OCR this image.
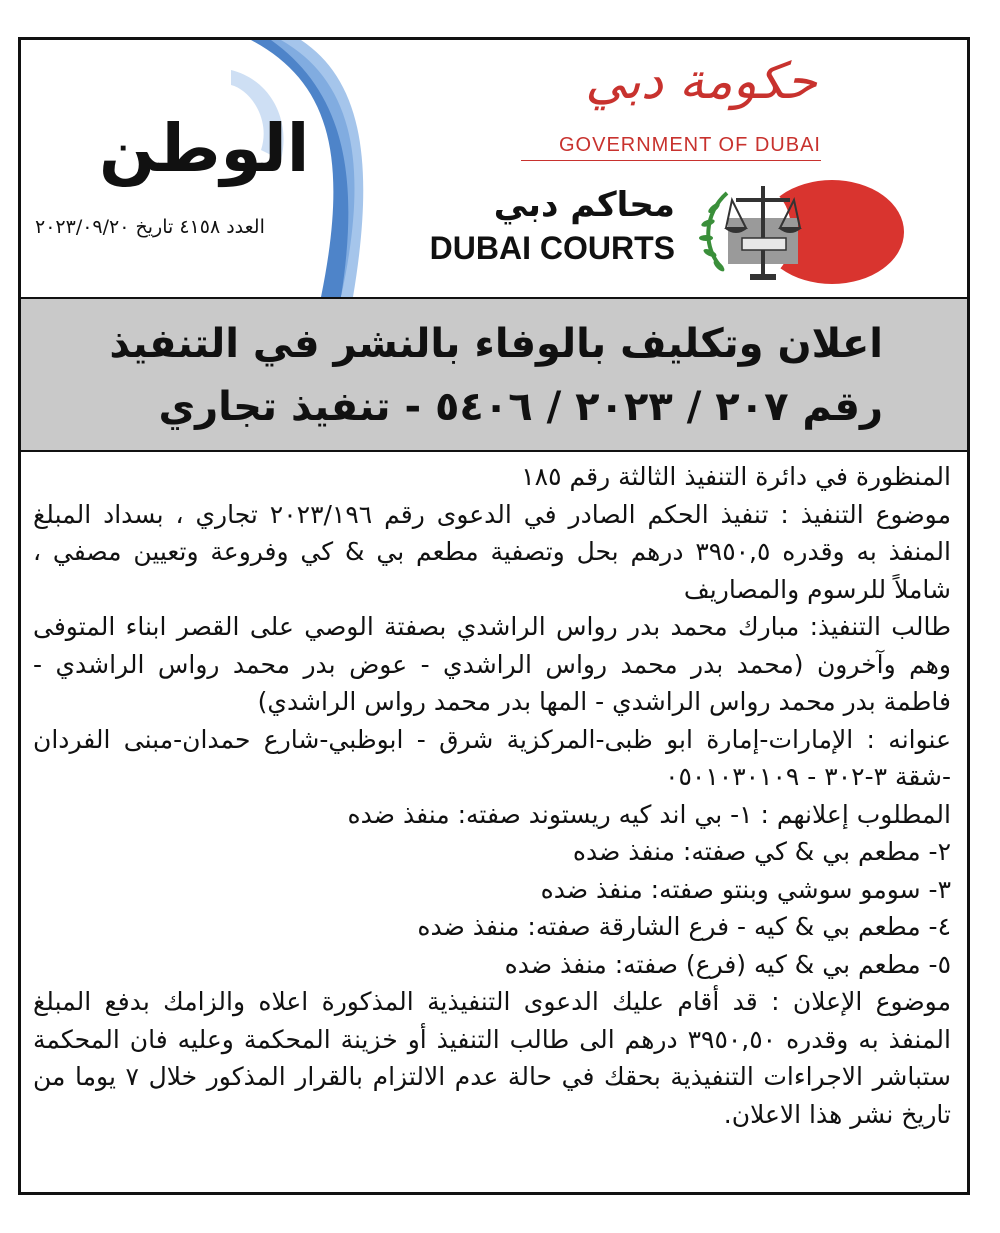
الوطن
العدد ٤١٥٨ تاريخ ٢٠٢٣/٠٩/٢٠
حكومة دبي
GOVERNMENT OF DUBAI
محاكم دبي
DUBAI COURTS
اعلان وتكليف بالوفاء بالنشر في التنفيذ
رقم ٢٠٧ / ٢٠٢٣ / ٥٤٠٦ - تنفيذ تجاري
المنظورة في دائرة التنفيذ الثالثة رقم ١٨٥
موضوع التنفيذ : تنفيذ الحكم الصادر في الدعوى رقم ٢٠٢٣/١٩٦ تجاري ، بسداد المبلغ المنفذ به وقدره ٣٩٥٠,٥ درهم بحل وتصفية مطعم بي & كي وفروعة وتعيين مصفي ، شاملاً للرسوم والمصاريف
طالب التنفيذ: مبارك محمد بدر رواس الراشدي بصفتة الوصي على القصر ابناء المتوفى وهم وآخرون (محمد بدر محمد رواس الراشدي - عوض بدر محمد رواس الراشدي - فاطمة بدر محمد رواس الراشدي - المها بدر محمد رواس الراشدي)
عنوانه : الإمارات-إمارة ابو ظبى-المركزية شرق - ابوظبي-شارع حمدان-مبنى الفردان -شقة ٣-٣٠٢ - ٠٥٠١٠٣٠١٠٩
المطلوب إعلانهم : ١- بي اند كيه ريستوند صفته: منفذ ضده
٢- مطعم بي & كي صفته: منفذ ضده
٣- سومو سوشي وبنتو صفته: منفذ ضده
٤- مطعم بي & كيه - فرع الشارقة صفته: منفذ ضده
٥- مطعم بي & كيه (فرع) صفته: منفذ ضده
موضوع الإعلان : قد أقام عليك الدعوى التنفيذية المذكورة اعلاه والزامك بدفع المبلغ المنفذ به وقدره ٣٩٥٠,٥٠ درهم الى طالب التنفيذ أو خزينة المحكمة وعليه فان المحكمة ستباشر الاجراءات التنفيذية بحقك في حالة عدم الالتزام بالقرار المذكور خلال ٧ يوما من تاريخ نشر هذا الاعلان.
